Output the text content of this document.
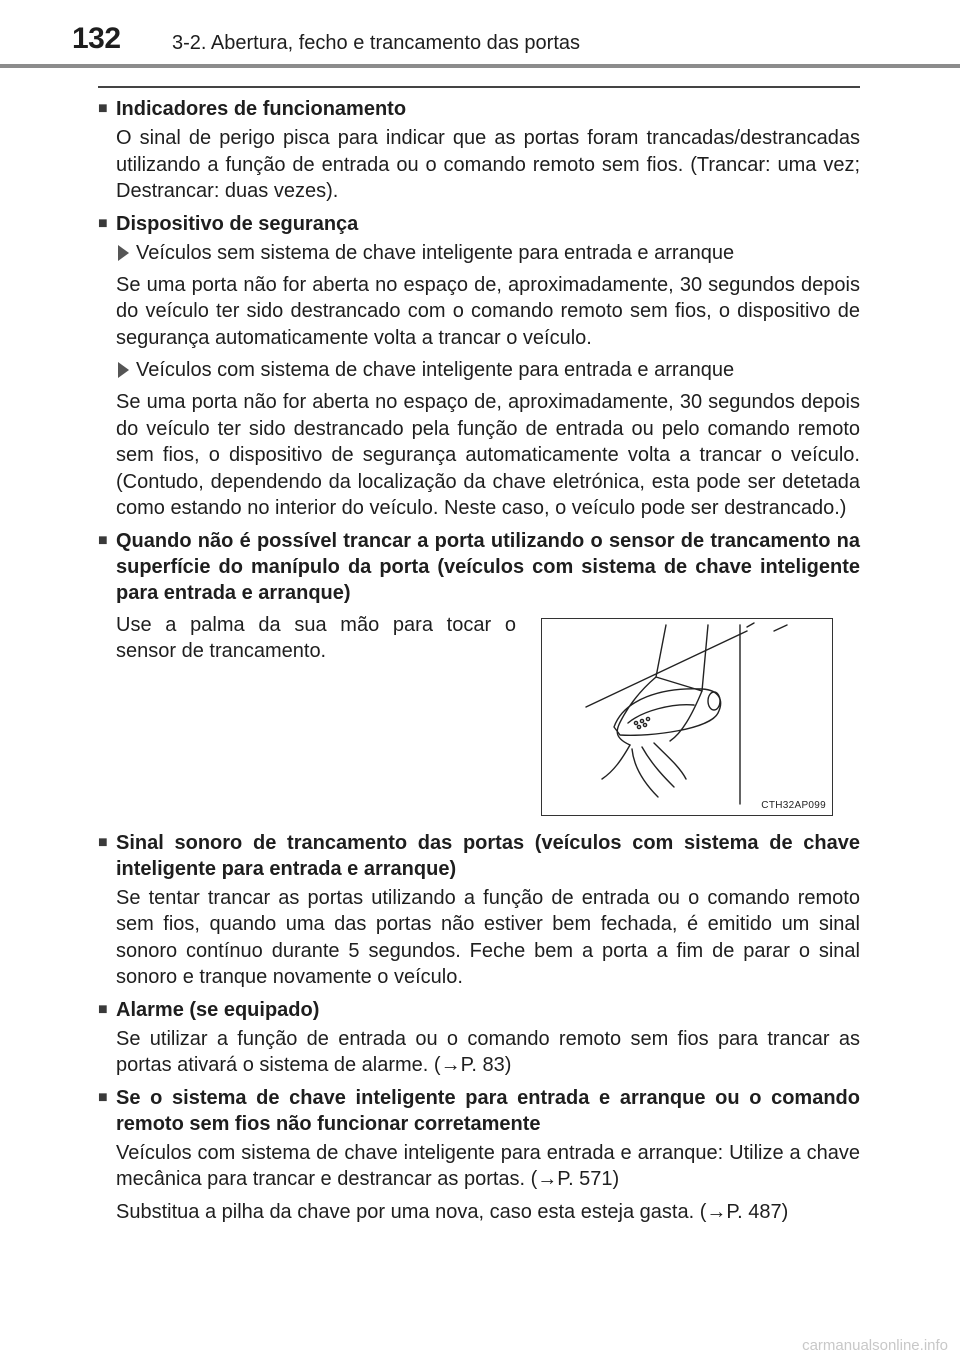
132	3-2. Abertura, fecho e trancamento das portas
■ Indicadores de funcionamento
O sinal de perigo pisca para indicar que as portas foram trancadas/destrancadas utilizando a função de entrada ou o comando remoto sem fios. (Trancar: uma vez; Destrancar: duas vezes).
■ Dispositivo de segurança
Veículos sem sistema de chave inteligente para entrada e arranque
Se uma porta não for aberta no espaço de, aproximadamente, 30 segundos depois do veículo ter sido destrancado com o comando remoto sem fios, o dispositivo de segurança automaticamente volta a trancar o veículo.
Veículos com sistema de chave inteligente para entrada e arranque
Se uma porta não for aberta no espaço de, aproximadamente, 30 segundos depois do veículo ter sido destrancado pela função de entrada ou pelo comando remoto sem fios, o dispositivo de segurança automaticamente volta a trancar o veículo. (Contudo, dependendo da localização da chave eletrónica, esta pode ser detetada como estando no interior do veículo. Neste caso, o veículo pode ser destrancado.)
■ Quando não é possível trancar a porta utilizando o sensor de trancamento na superfície do manípulo da porta (veículos com sistema de chave inteligente para entrada e arranque)
Use a palma da sua mão para tocar o sensor de trancamento.
CTH32AP099
■ Sinal sonoro de trancamento das portas (veículos com sistema de chave inteligente para entrada e arranque)
Se tentar trancar as portas utilizando a função de entrada ou o comando remoto sem fios, quando uma das portas não estiver bem fechada, é emitido um sinal sonoro contínuo durante 5 segundos. Feche bem a porta a fim de parar o sinal sonoro e tranque novamente o veículo.
■ Alarme (se equipado)
Se utilizar a função de entrada ou o comando remoto sem fios para trancar as portas ativará o sistema de alarme. (→P. 83)
■ Se o sistema de chave inteligente para entrada e arranque ou o comando remoto sem fios não funcionar corretamente
Veículos com sistema de chave inteligente para entrada e arranque: Utilize a chave mecânica para trancar e destrancar as portas. (→P. 571)
Substitua a pilha da chave por uma nova, caso esta esteja gasta. (→P. 487)
carmanualsonline.info
